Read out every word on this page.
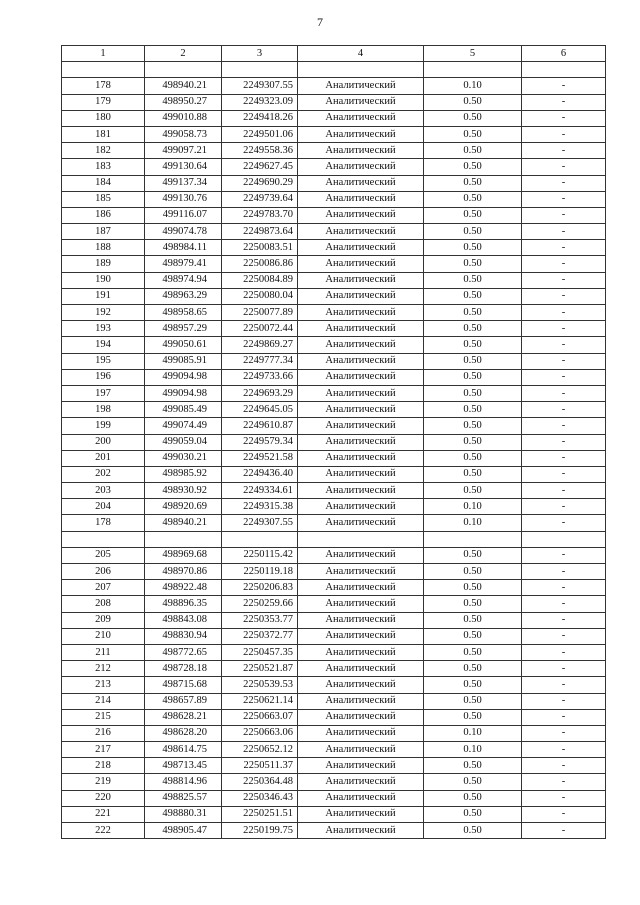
7
1	2	3	4	5	6

178	498940.21	2249307.55	Аналитический	0.10	-
179	498950.27	2249323.09	Аналитический	0.50	-
180	499010.88	2249418.26	Аналитический	0.50	-
181	499058.73	2249501.06	Аналитический	0.50	-
182	499097.21	2249558.36	Аналитический	0.50	-
183	499130.64	2249627.45	Аналитический	0.50	-
184	499137.34	2249690.29	Аналитический	0.50	-
185	499130.76	2249739.64	Аналитический	0.50	-
186	499116.07	2249783.70	Аналитический	0.50	-
187	499074.78	2249873.64	Аналитический	0.50	-
188	498984.11	2250083.51	Аналитический	0.50	-
189	498979.41	2250086.86	Аналитический	0.50	-
190	498974.94	2250084.89	Аналитический	0.50	-
191	498963.29	2250080.04	Аналитический	0.50	-
192	498958.65	2250077.89	Аналитический	0.50	-
193	498957.29	2250072.44	Аналитический	0.50	-
194	499050.61	2249869.27	Аналитический	0.50	-
195	499085.91	2249777.34	Аналитический	0.50	-
196	499094.98	2249733.66	Аналитический	0.50	-
197	499094.98	2249693.29	Аналитический	0.50	-
198	499085.49	2249645.05	Аналитический	0.50	-
199	499074.49	2249610.87	Аналитический	0.50	-
200	499059.04	2249579.34	Аналитический	0.50	-
201	499030.21	2249521.58	Аналитический	0.50	-
202	498985.92	2249436.40	Аналитический	0.50	-
203	498930.92	2249334.61	Аналитический	0.50	-
204	498920.69	2249315.38	Аналитический	0.10	-
178	498940.21	2249307.55	Аналитический	0.10	-

205	498969.68	2250115.42	Аналитический	0.50	-
206	498970.86	2250119.18	Аналитический	0.50	-
207	498922.48	2250206.83	Аналитический	0.50	-
208	498896.35	2250259.66	Аналитический	0.50	-
209	498843.08	2250353.77	Аналитический	0.50	-
210	498830.94	2250372.77	Аналитический	0.50	-
211	498772.65	2250457.35	Аналитический	0.50	-
212	498728.18	2250521.87	Аналитический	0.50	-
213	498715.68	2250539.53	Аналитический	0.50	-
214	498657.89	2250621.14	Аналитический	0.50	-
215	498628.21	2250663.07	Аналитический	0.50	-
216	498628.20	2250663.06	Аналитический	0.10	-
217	498614.75	2250652.12	Аналитический	0.10	-
218	498713.45	2250511.37	Аналитический	0.50	-
219	498814.96	2250364.48	Аналитический	0.50	-
220	498825.57	2250346.43	Аналитический	0.50	-
221	498880.31	2250251.51	Аналитический	0.50	-
222	498905.47	2250199.75	Аналитический	0.50	-
